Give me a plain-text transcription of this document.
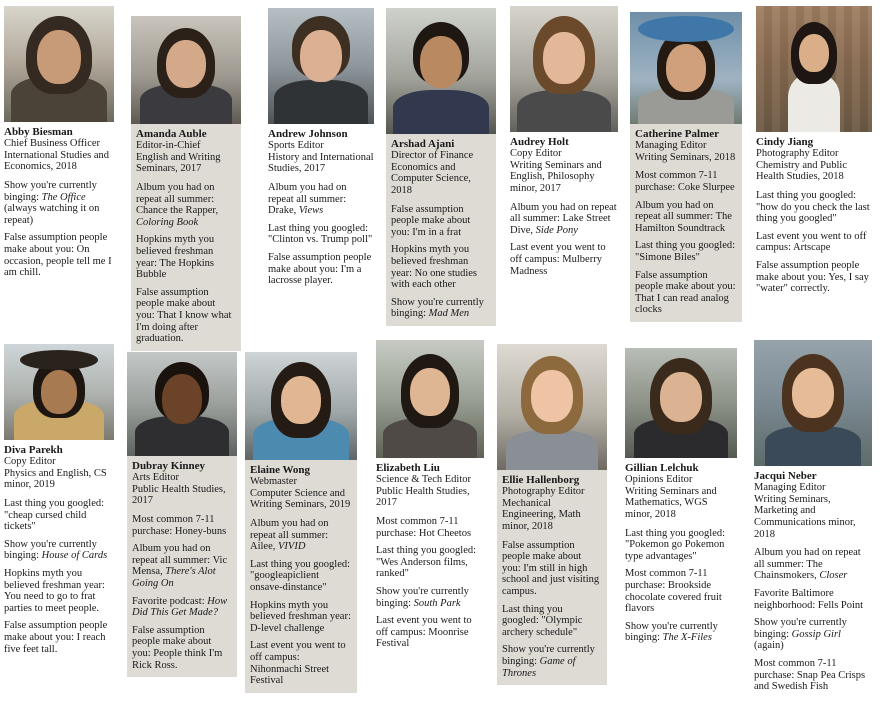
Abby Biesman
Chief Business Officer
International Studies and Economics, 2018

Show you're currently binging: The Office (always watching it on repeat)

False assumption people make about you: On occasion, people tell me I am chill.

Amanda Auble
Editor-in-Chief
English and Writing Seminars, 2017

Album you had on repeat all summer: Chance the Rapper, Coloring Book

Hopkins myth you believed freshman year: The Hopkins Bubble

False assumption people make about you: That I know what I'm doing after graduation.

Andrew Johnson
Sports Editor
History and International Studies, 2017

Album you had on repeat all summer: Drake, Views

Last thing you googled: "Clinton vs. Trump poll"

False assumption people make about you: I'm a lacrosse player.

Arshad Ajani
Director of Finance
Economics and Computer Science, 2018

False assumption people make about you: I'm in a frat

Hopkins myth you believed freshman year: No one studies with each other

Show you're currently binging: Mad Men

Audrey Holt
Copy Editor
Writing Seminars and English, Philosophy minor, 2017

Album you had on repeat all summer: Lake Street Dive, Side Pony

Last event you went to off campus: Mulberry Madness

Catherine Palmer
Managing Editor
Writing Seminars, 2018

Most common 7-11 purchase: Coke Slurpee

Album you had on repeat all summer: The Hamilton Soundtrack

Last thing you googled: "Simone Biles"

False assumption people make about you: That I can read analog clocks

Cindy Jiang
Photography Editor
Chemistry and Public Health Studies, 2018

Last thing you googled: "how do you check the last thing you googled"

Last event you went to off campus: Artscape

False assumption people make about you: Yes, I say "water" correctly.

Diva Parekh
Copy Editor
Physics and English, CS minor, 2019

Last thing you googled: "cheap cursed child tickets"

Show you're currently binging: House of Cards

Hopkins myth you believed freshman year: You need to go to frat parties to meet people.

False assumption people make about you: I reach five feet tall.

Dubray Kinney
Arts Editor
Public Health Studies, 2017

Most common 7-11 purchase: Honey-buns

Album you had on repeat all summer: Vic Mensa, There's Alot Going On

Favorite podcast: How Did This Get Made?

False assumption people make about you: People think I'm Rick Ross.

Elaine Wong
Webmaster
Computer Science and Writing Seminars, 2019

Album you had on repeat all summer: Ailee, VIVID

Last thing you googled: "googleapiclient onsave-dinstance"

Hopkins myth you believed freshman year: D-level challenge

Last event you went to off campus: Nihonmachi Street Festival

Elizabeth Liu
Science & Tech Editor
Public Health Studies, 2017

Most common 7-11 purchase: Hot Cheetos

Last thing you googled: "Wes Anderson films, ranked"

Show you're currently binging: South Park

Last event you went to off campus: Moonrise Festival

Ellie Hallenborg
Photography Editor
Mechanical Engineering, Math minor, 2018

False assumption people make about you: I'm still in high school and just visiting campus.

Last thing you googled: "Olympic archery schedule"

Show you're currently binging: Game of Thrones

Gillian Lelchuk
Opinions Editor
Writing Seminars and Mathematics, WGS minor, 2018

Last thing you googled: "Pokemon go Pokemon type advantages"

Most common 7-11 purchase: Brookside chocolate covered fruit flavors

Show you're currently binging: The X-Files

Jacqui Neber
Managing Editor
Writing Seminars, Marketing and Communications minor, 2018

Album you had on repeat all summer: The Chainsmokers, Closer

Favorite Baltimore neighborhood: Fells Point

Show you're currently binging: Gossip Girl (again)

Most common 7-11 purchase: Snap Pea Crisps and Swedish Fish
